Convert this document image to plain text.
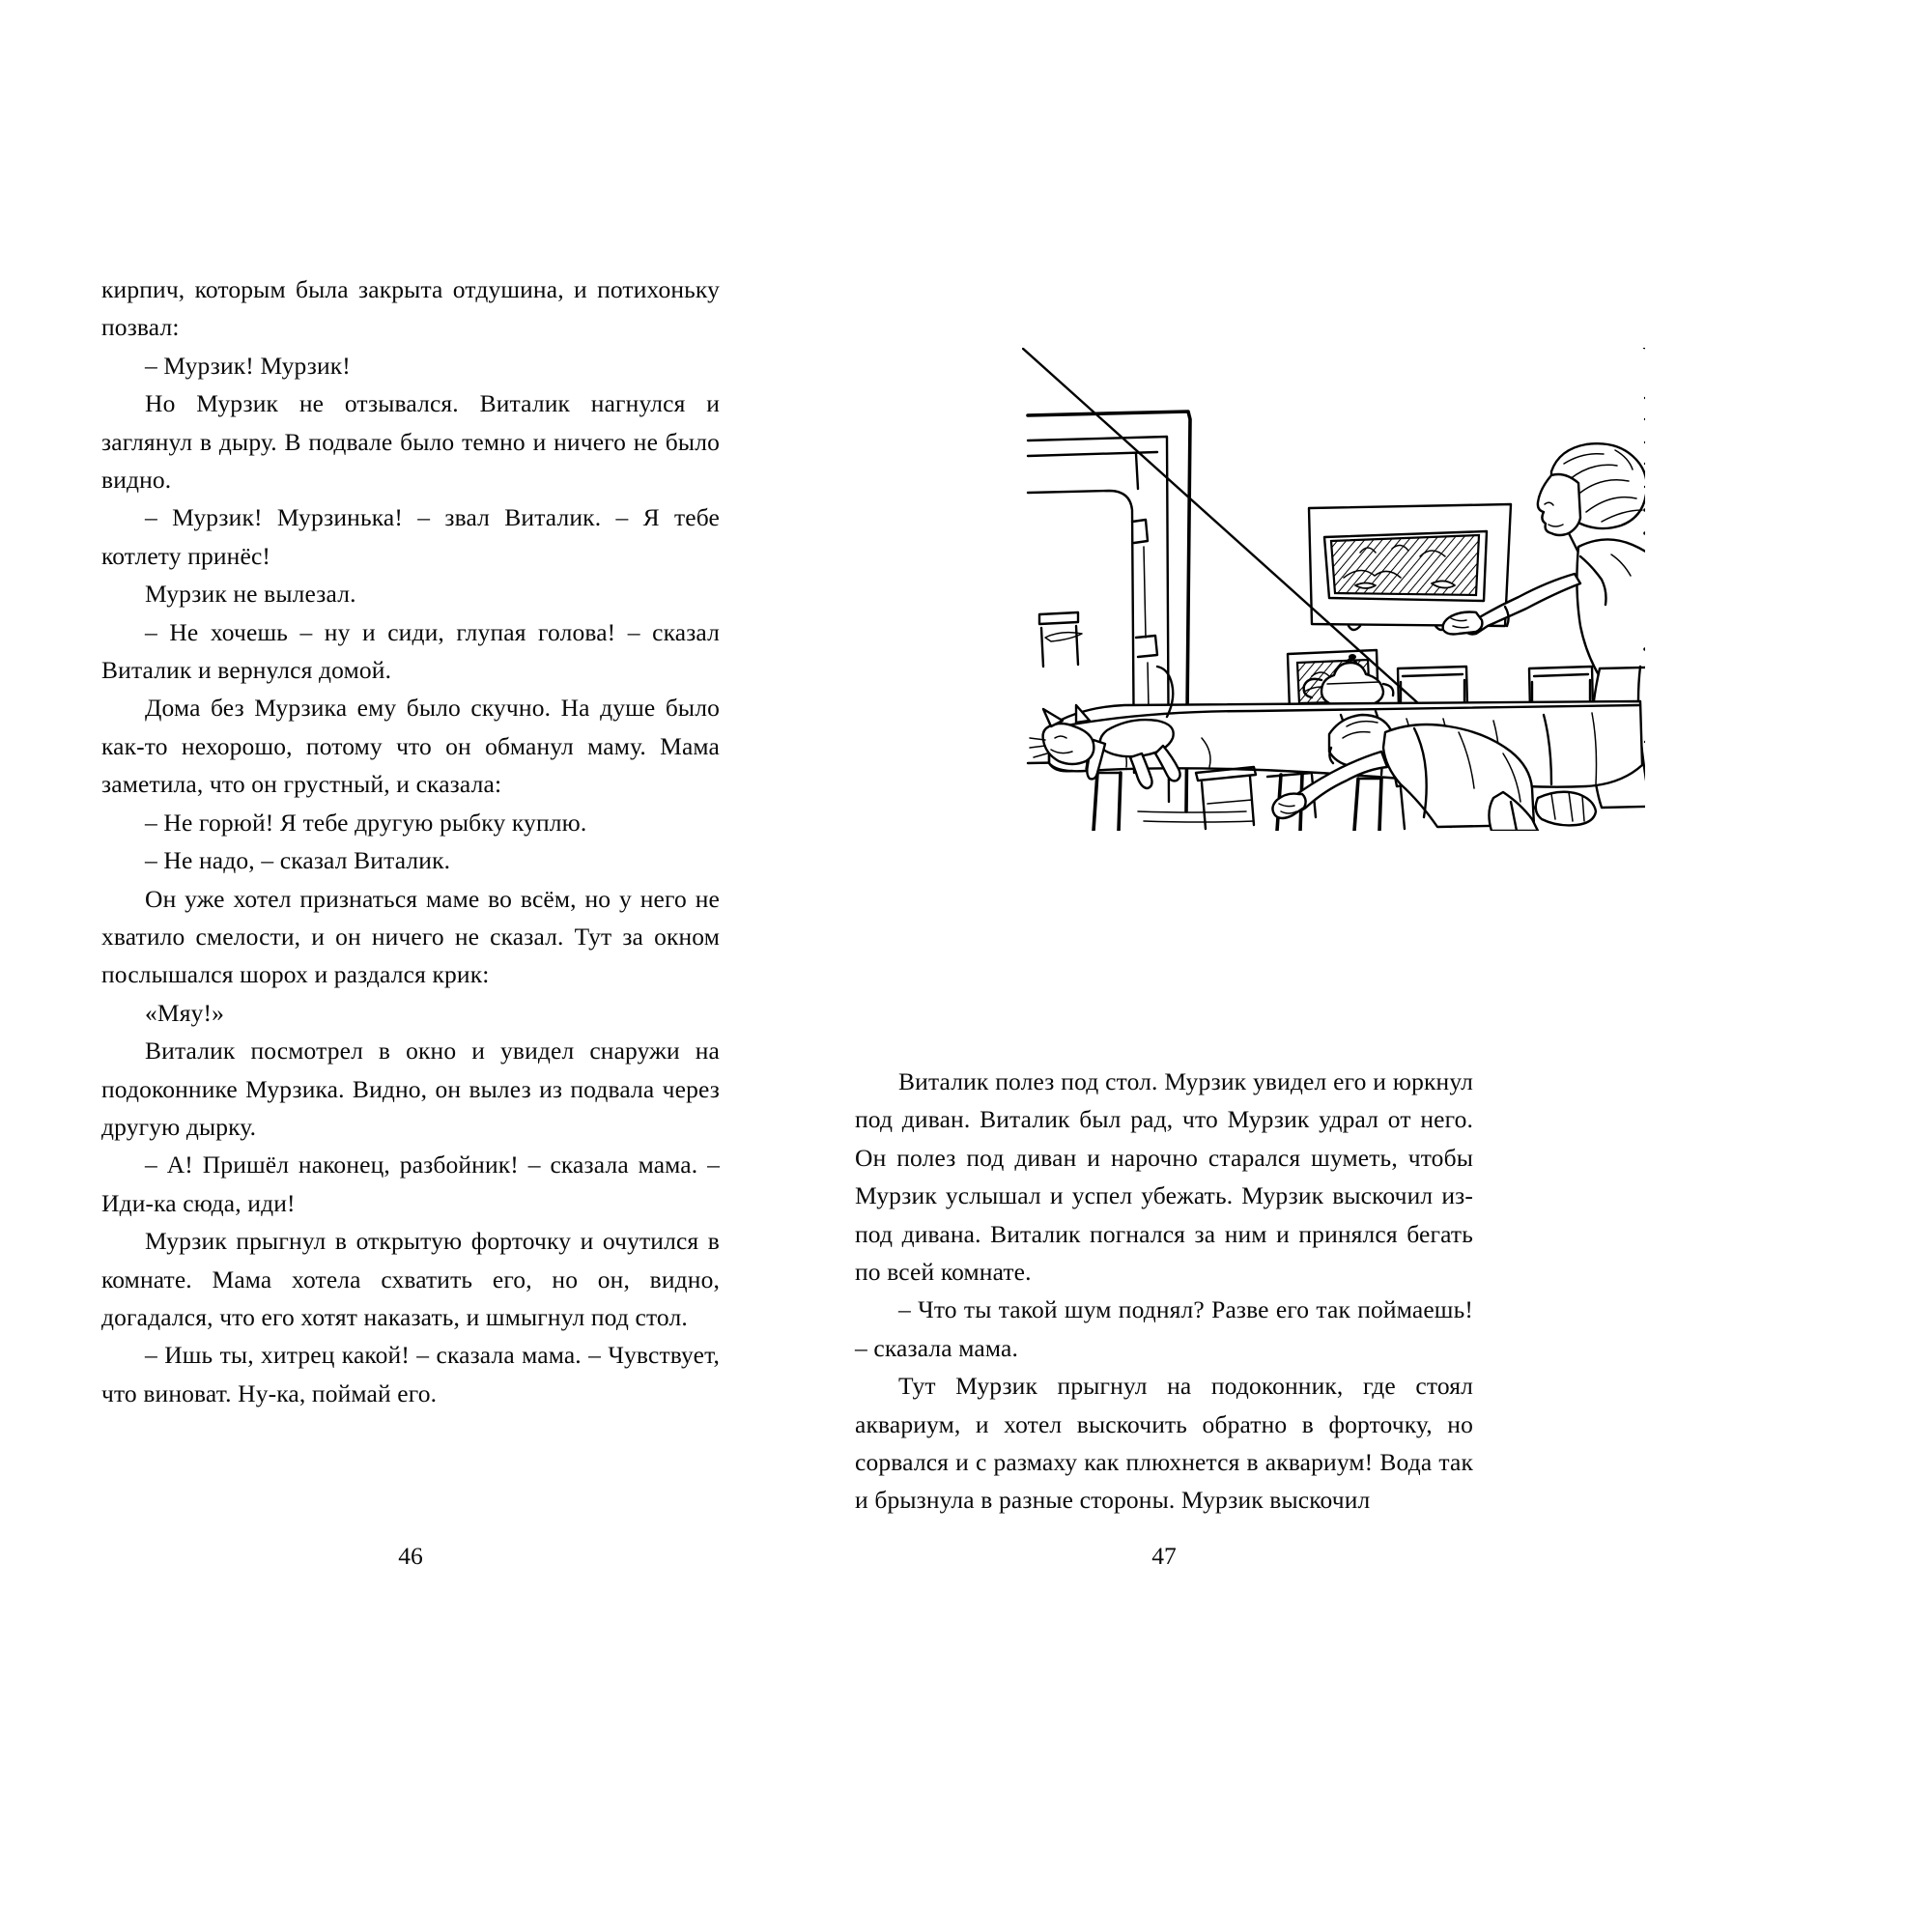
кирпич, которым была закрыта отдушина, и потихоньку позвал:

– Мурзик! Мурзик!

Но Мурзик не отзывался. Виталик нагнулся и заглянул в дыру. В подвале было темно и ничего не было видно.

– Мурзик! Мурзинька! – звал Виталик. – Я тебе котлету принёс!

Мурзик не вылезал.

– Не хочешь – ну и сиди, глупая голова! – сказал Виталик и вернулся домой.

Дома без Мурзика ему было скучно. На душе было как-то нехорошо, потому что он обманул маму. Мама заметила, что он грустный, и сказала:

– Не горюй! Я тебе другую рыбку куплю.

– Не надо, – сказал Виталик.

Он уже хотел признаться маме во всём, но у него не хватило смелости, и он ничего не сказал. Тут за окном послышался шорох и раздался крик:

«Мяу!»

Виталик посмотрел в окно и увидел снаружи на подоконнике Мурзика. Видно, он вылез из подвала через другую дырку.

– А! Пришёл наконец, разбойник! – сказала мама. – Иди-ка сюда, иди!

Мурзик прыгнул в открытую форточку и очутился в комнате. Мама хотела схватить его, но он, видно, догадался, что его хотят наказать, и шмыгнул под стол.

– Ишь ты, хитрец какой! – сказала мама. – Чувствует, что виноват. Ну-ка, поймай его.

46

Виталик полез под стол. Мурзик увидел его и юркнул под диван. Виталик был рад, что Мурзик удрал от него. Он полез под диван и нарочно старался шуметь, чтобы Мурзик услышал и успел убежать. Мурзик выскочил из-под дивана. Виталик погнался за ним и принялся бегать по всей комнате.

– Что ты такой шум поднял? Разве его так поймаешь! – сказала мама.

Тут Мурзик прыгнул на подоконник, где стоял аквариум, и хотел выскочить обратно в форточку, но сорвался и с размаху как плюхнется в аквариум! Вода так и брызнула в разные стороны. Мурзик выскочил

47
